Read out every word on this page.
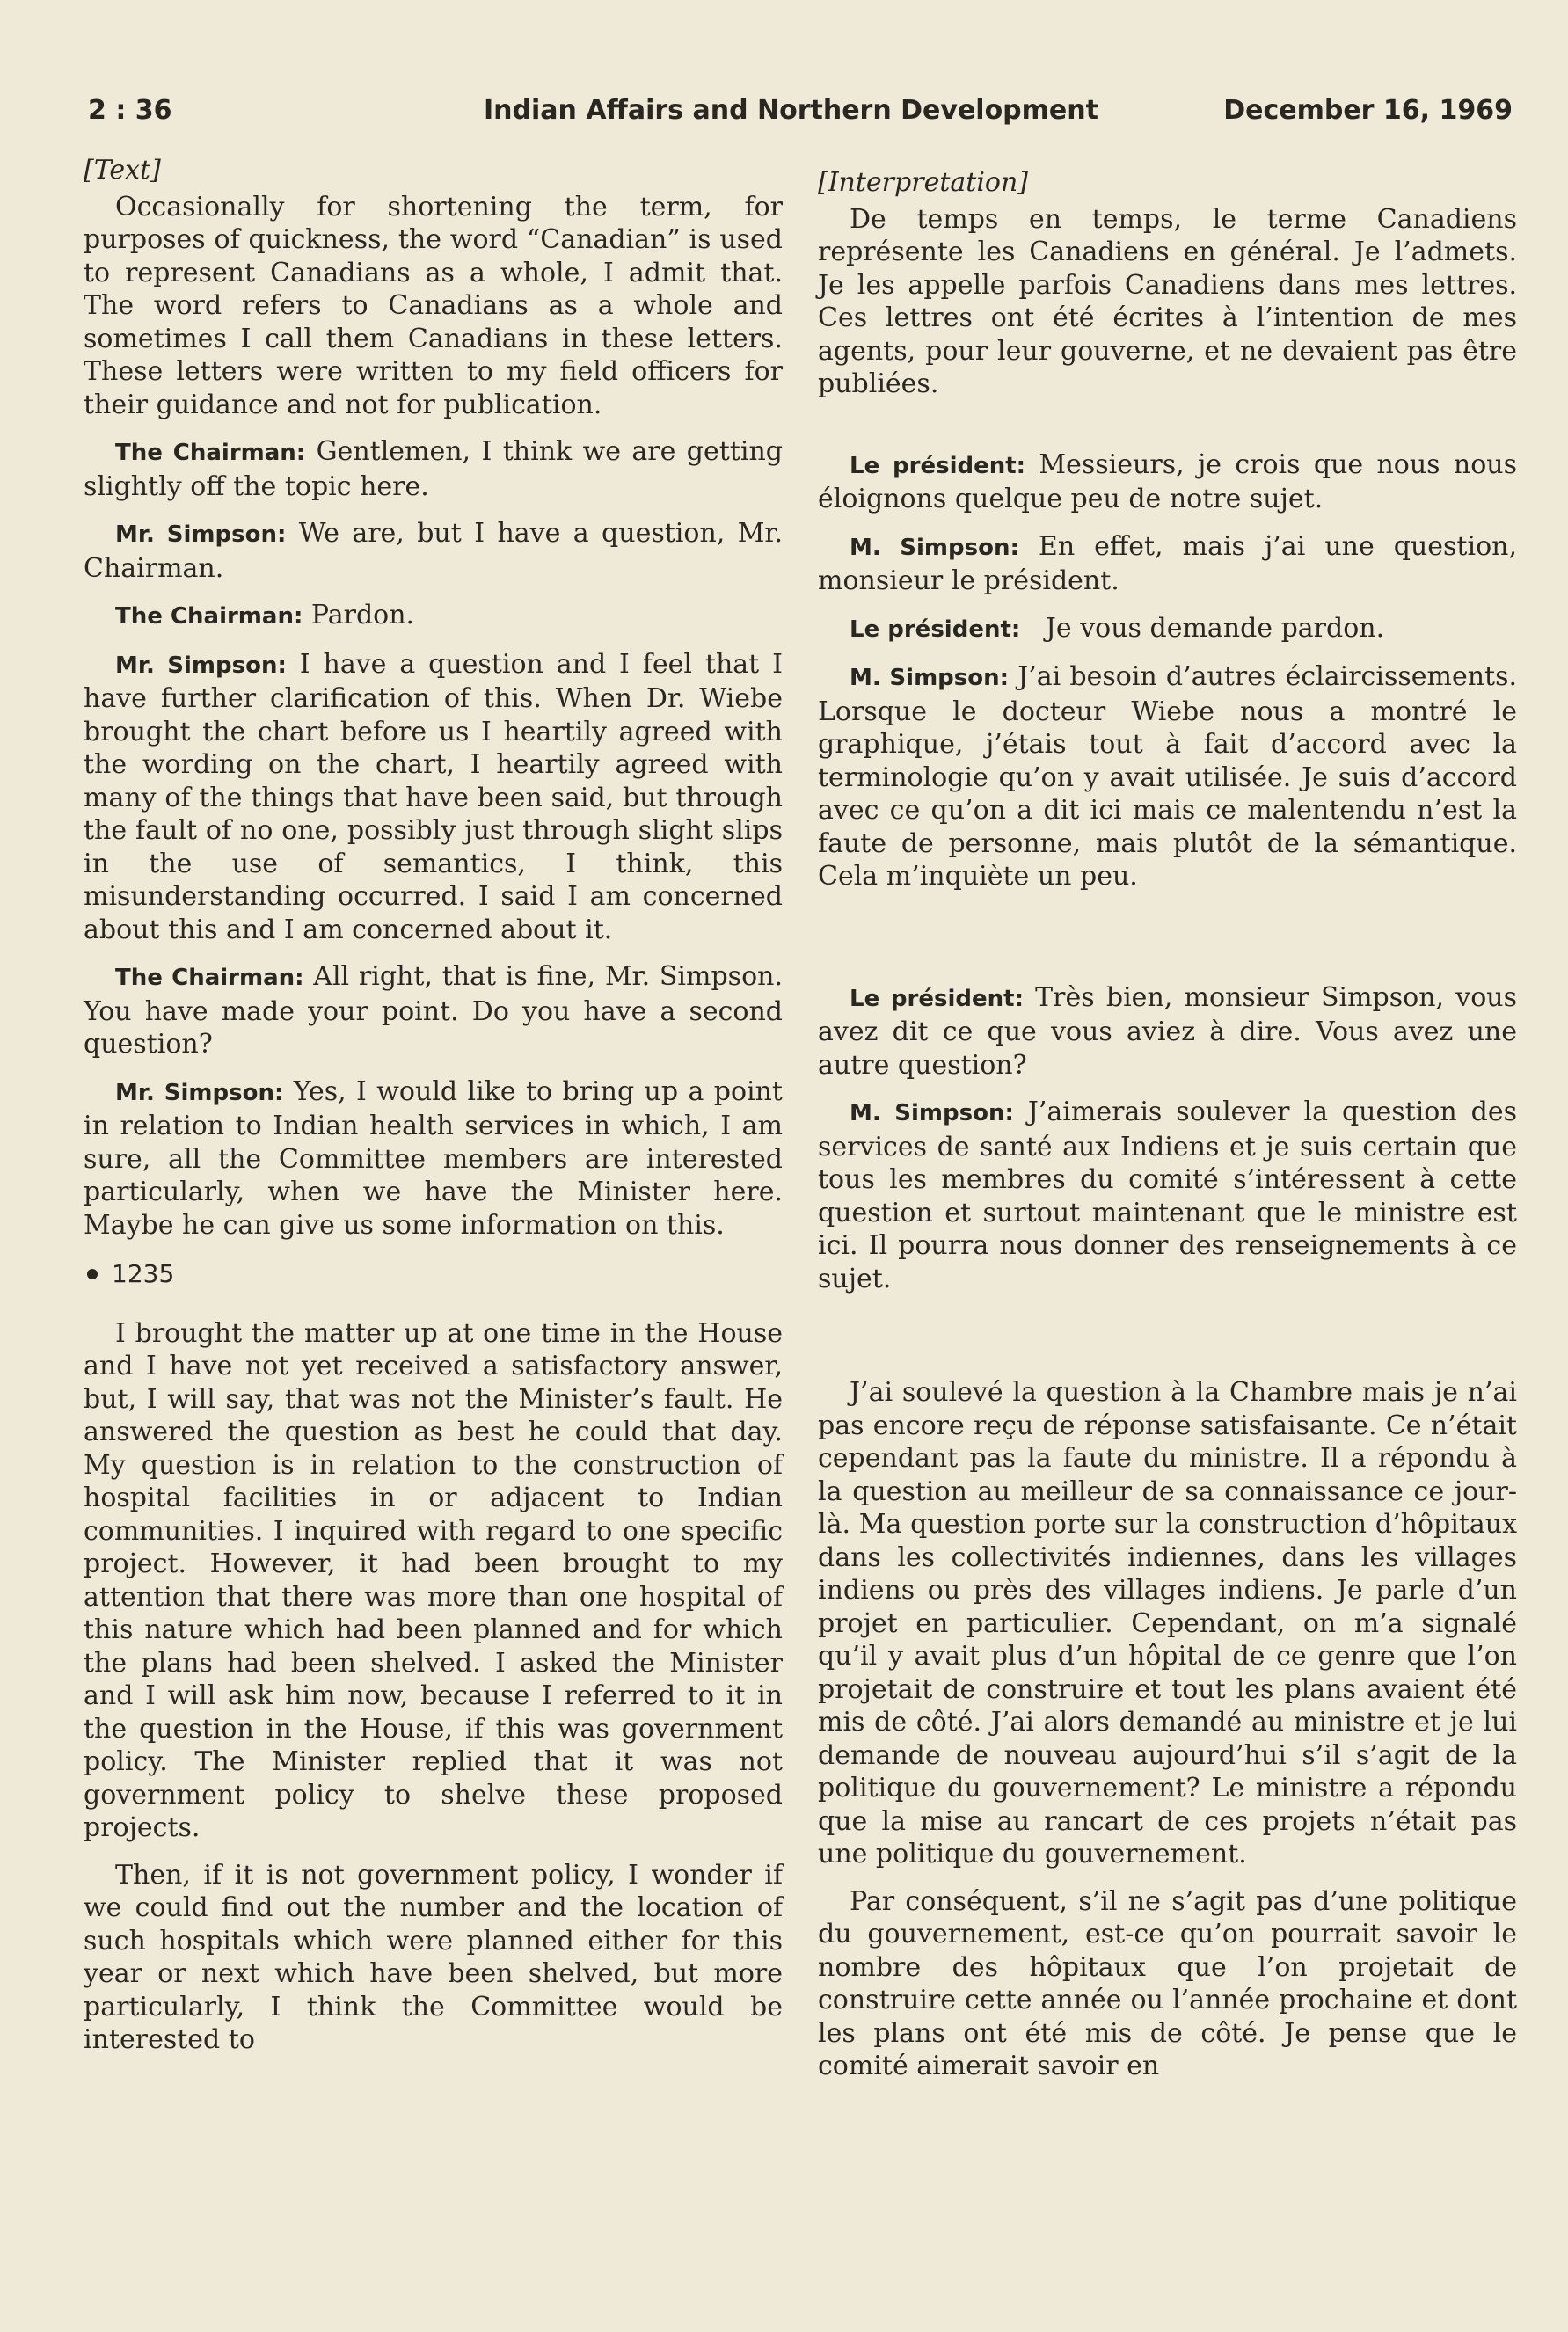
2 : 36	Indian Affairs and Northern Development	December 16, 1969

[Text]

Occasionally for shortening the term, for purposes of quickness, the word “Canadian” is used to represent Canadians as a whole, I admit that. The word refers to Canadians as a whole and sometimes I call them Canadians in these letters. These letters were written to my field officers for their guidance and not for publication.

The Chairman: Gentlemen, I think we are getting slightly off the topic here.

Mr. Simpson: We are, but I have a question, Mr. Chairman.

The Chairman: Pardon.

Mr. Simpson: I have a question and I feel that I have further clarification of this. When Dr. Wiebe brought the chart before us I heartily agreed with the wording on the chart, I heartily agreed with many of the things that have been said, but through the fault of no one, possibly just through slight slips in the use of semantics, I think, this misunderstanding occurred. I said I am concerned about this and I am concerned about it.

The Chairman: All right, that is fine, Mr. Simpson. You have made your point. Do you have a second question?

Mr. Simpson: Yes, I would like to bring up a point in relation to Indian health services in which, I am sure, all the Committee members are interested particularly, when we have the Minister here. Maybe he can give us some information on this.

1235

I brought the matter up at one time in the House and I have not yet received a satisfactory answer, but, I will say, that was not the Minister’s fault. He answered the question as best he could that day. My question is in relation to the construction of hospital facilities in or adjacent to Indian communities. I inquired with regard to one specific project. However, it had been brought to my attention that there was more than one hospital of this nature which had been planned and for which the plans had been shelved. I asked the Minister and I will ask him now, because I referred to it in the question in the House, if this was government policy. The Minister replied that it was not government policy to shelve these proposed projects.

Then, if it is not government policy, I wonder if we could find out the number and the location of such hospitals which were planned either for this year or next which have been shelved, but more particularly, I think the Committee would be interested to

[Interpretation]

De temps en temps, le terme Canadiens représente les Canadiens en général. Je l’admets. Je les appelle parfois Canadiens dans mes lettres. Ces lettres ont été écrites à l’intention de mes agents, pour leur gouverne, et ne devaient pas être publiées.

Le président: Messieurs, je crois que nous nous éloignons quelque peu de notre sujet.

M. Simpson: En effet, mais j’ai une question, monsieur le président.

Le président:   Je vous demande pardon.

M. Simpson: J’ai besoin d’autres éclaircissements. Lorsque le docteur Wiebe nous a montré le graphique, j’étais tout à fait d’accord avec la terminologie qu’on y avait utilisée. Je suis d’accord avec ce qu’on a dit ici mais ce malentendu n’est la faute de personne, mais plutôt de la sémantique. Cela m’inquiète un peu.

Le président: Très bien, monsieur Simpson, vous avez dit ce que vous aviez à dire. Vous avez une autre question?

M. Simpson: J’aimerais soulever la question des services de santé aux Indiens et je suis certain que tous les membres du comité s’intéressent à cette question et surtout maintenant que le ministre est ici. Il pourra nous donner des renseignements à ce sujet.

J’ai soulevé la question à la Chambre mais je n’ai pas encore reçu de réponse satisfaisante. Ce n’était cependant pas la faute du ministre. Il a répondu à la question au meilleur de sa connaissance ce jour-là. Ma question porte sur la construction d’hôpitaux dans les collectivités indiennes, dans les villages indiens ou près des villages indiens. Je parle d’un projet en particulier. Cependant, on m’a signalé qu’il y avait plus d’un hôpital de ce genre que l’on projetait de construire et tout les plans avaient été mis de côté. J’ai alors demandé au ministre et je lui demande de nouveau aujourd’hui s’il s’agit de la politique du gouvernement? Le ministre a répondu que la mise au rancart de ces projets n’était pas une politique du gouvernement.

Par conséquent, s’il ne s’agit pas d’une politique du gouvernement, est-ce qu’on pourrait savoir le nombre des hôpitaux que l’on projetait de construire cette année ou l’année prochaine et dont les plans ont été mis de côté. Je pense que le comité aimerait savoir en
